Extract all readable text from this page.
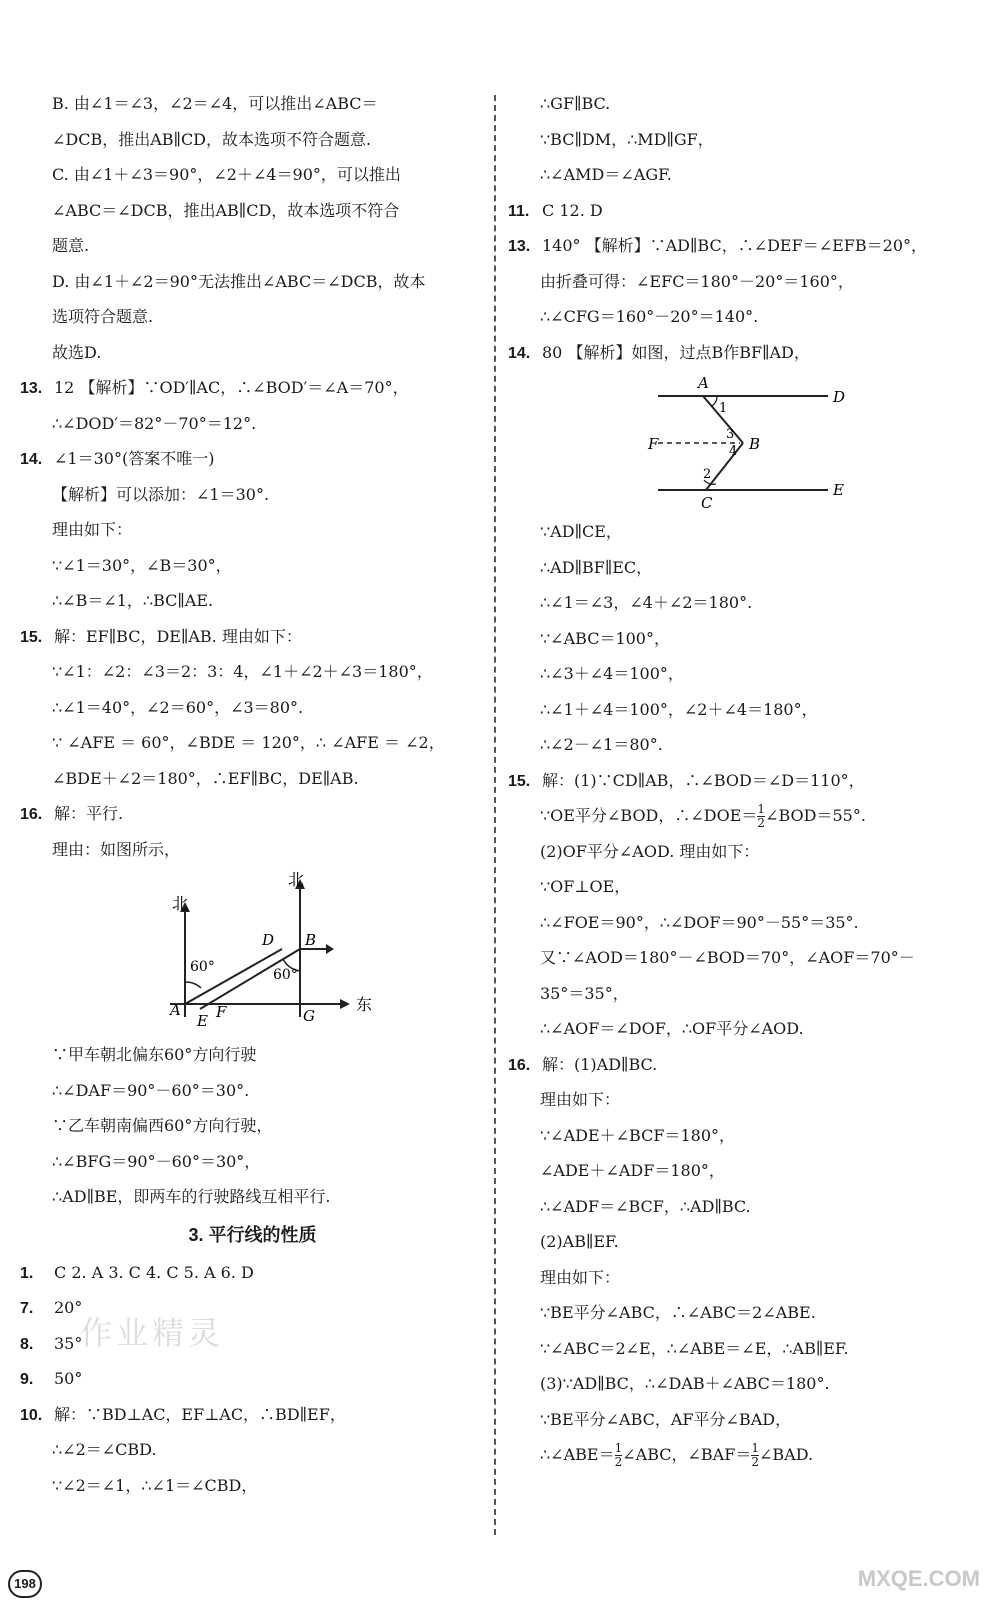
B. 由∠1＝∠3，∠2＝∠4，可以推出∠ABC＝
∠DCB，推出AB∥CD，故本选项不符合题意.
C. 由∠1＋∠3＝90°，∠2＋∠4＝90°，可以推出
∠ABC＝∠DCB，推出AB∥CD，故本选项不符合
题意.
D. 由∠1＋∠2＝90°无法推出∠ABC＝∠DCB，故本
选项符合题意.
故选D.
13. 12 【解析】∵OD′∥AC，∴∠BOD′＝∠A＝70°，
∴∠DOD′＝82°－70°＝12°.
14. ∠1＝30°(答案不唯一)
【解析】可以添加：∠1＝30°.
理由如下：
∵∠1＝30°，∠B＝30°，
∴∠B＝∠1，∴BC∥AE.
15. 解：EF∥BC，DE∥AB. 理由如下：
∵∠1：∠2：∠3＝2：3：4，∠1＋∠2＋∠3＝180°，
∴∠1＝40°，∠2＝60°，∠3＝80°.
∵ ∠AFE ＝ 60°，∠BDE ＝ 120°，∴ ∠AFE ＝ ∠2，
∠BDE＋∠2＝180°，∴EF∥BC，DE∥AB.
16. 解：平行.
理由：如图所示，
北
北
东
60°	60°
A
D B
E F	G
∵甲车朝北偏东60°方向行驶
∴∠DAF＝90°－60°＝30°.
∵乙车朝南偏西60°方向行驶，
∴∠BFG＝90°－60°＝30°，
∴AD∥BE，即两车的行驶路线互相平行.
3. 平行线的性质
1. C 2. A 3. C 4. C 5. A 6. D
7. 20°
8. 35°
9. 50°
10. 解：∵BD⊥AC，EF⊥AC，∴BD∥EF，
∴∠2＝∠CBD.
∵∠2＝∠1，∴∠1＝∠CBD，
∴GF∥BC.
∵BC∥DM，∴MD∥GF，
∴∠AMD＝∠AGF.
11. C 12. D
13. 140° 【解析】∵AD∥BC，∴∠DEF＝∠EFB＝20°，
由折叠可得：∠EFC＝180°－20°＝160°，
∴∠CFG＝160°－20°＝140°.
14. 80 【解析】如图，过点B作BF∥AD，
A
D
F	B
C
E
1
2
3
4
∵AD∥CE，
∴AD∥BF∥EC，
∴∠1＝∠3，∠4＋∠2＝180°.
∵∠ABC＝100°，
∴∠3＋∠4＝100°，
∴∠1＋∠4＝100°，∠2＋∠4＝180°，
∴∠2－∠1＝80°.
15. 解：(1)∵CD∥AB，∴∠BOD＝∠D＝110°，
∵OE平分∠BOD，∴∠DOE＝ $\frac{1}{2}$ ∠BOD＝55°.
(2)OF平分∠AOD. 理由如下：
∵OF⊥OE，
∴∠FOE＝90°，∴∠DOF＝90°－55°＝35°.
又∵∠AOD＝180°－∠BOD＝70°，∠AOF＝70°－
35°＝35°，
∴∠AOF＝∠DOF，∴OF平分∠AOD.
16. 解：(1)AD∥BC.
理由如下：
∵∠ADE＋∠BCF＝180°，
∠ADE＋∠ADF＝180°，
∴∠ADF＝∠BCF，∴AD∥BC.
(2)AB∥EF.
理由如下：
∵BE平分∠ABC，∴∠ABC＝2∠ABE.
∵∠ABC＝2∠E，∴∠ABE＝∠E，∴AB∥EF.
(3)∵AD∥BC，∴∠DAB＋∠ABC＝180°.
∵BE平分∠ABC，AF平分∠BAD，
∴∠ABE＝ $\frac{1}{2}$ ∠ABC，∠BAF＝ $\frac{1}{2}$ ∠BAD.
198
作业精灵
MXQE.COM
